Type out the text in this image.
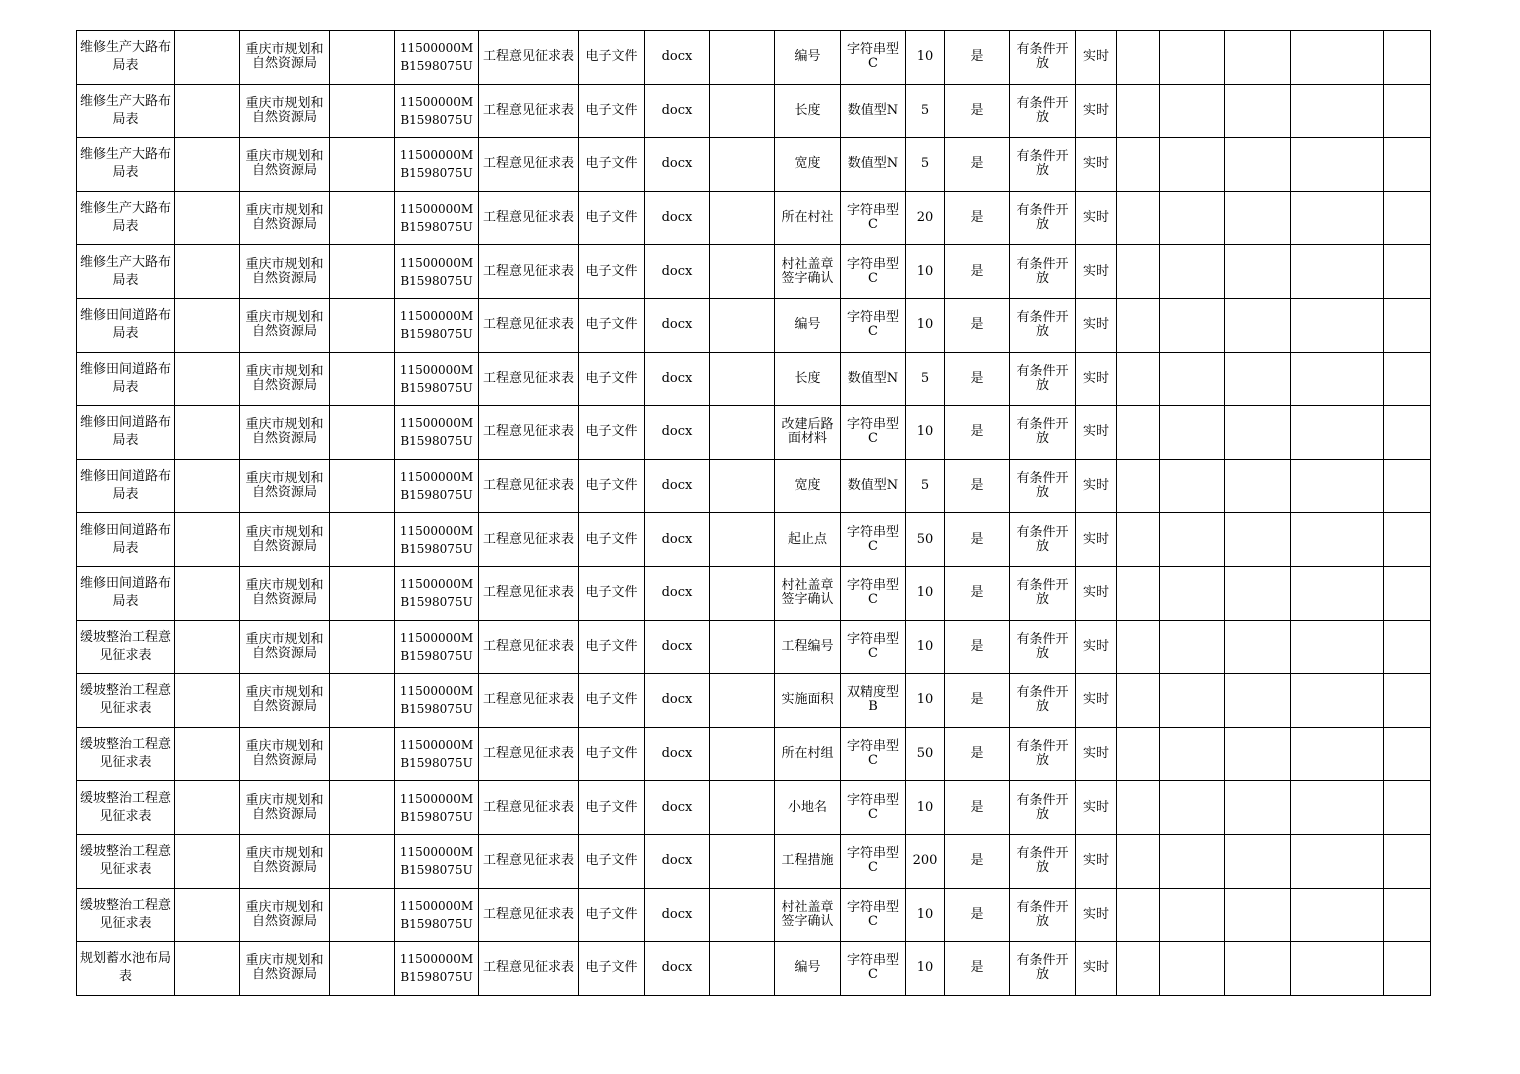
维修生产大路布局表		重庆市规划和自然资源局		11500000MB1598075U	工程意见征求表	电子文件	docx		编号	字符串型C	10	是	有条件开放	实时					
维修生产大路布局表		重庆市规划和自然资源局		11500000MB1598075U	工程意见征求表	电子文件	docx		长度	数值型N	5	是	有条件开放	实时					
维修生产大路布局表		重庆市规划和自然资源局		11500000MB1598075U	工程意见征求表	电子文件	docx		宽度	数值型N	5	是	有条件开放	实时					
维修生产大路布局表		重庆市规划和自然资源局		11500000MB1598075U	工程意见征求表	电子文件	docx		所在村社	字符串型C	20	是	有条件开放	实时					
维修生产大路布局表		重庆市规划和自然资源局		11500000MB1598075U	工程意见征求表	电子文件	docx		村社盖章签字确认	字符串型C	10	是	有条件开放	实时					
维修田间道路布局表		重庆市规划和自然资源局		11500000MB1598075U	工程意见征求表	电子文件	docx		编号	字符串型C	10	是	有条件开放	实时					
维修田间道路布局表		重庆市规划和自然资源局		11500000MB1598075U	工程意见征求表	电子文件	docx		长度	数值型N	5	是	有条件开放	实时					
维修田间道路布局表		重庆市规划和自然资源局		11500000MB1598075U	工程意见征求表	电子文件	docx		改建后路面材料	字符串型C	10	是	有条件开放	实时					
维修田间道路布局表		重庆市规划和自然资源局		11500000MB1598075U	工程意见征求表	电子文件	docx		宽度	数值型N	5	是	有条件开放	实时					
维修田间道路布局表		重庆市规划和自然资源局		11500000MB1598075U	工程意见征求表	电子文件	docx		起止点	字符串型C	50	是	有条件开放	实时					
维修田间道路布局表		重庆市规划和自然资源局		11500000MB1598075U	工程意见征求表	电子文件	docx		村社盖章签字确认	字符串型C	10	是	有条件开放	实时					
缓坡整治工程意见征求表		重庆市规划和自然资源局		11500000MB1598075U	工程意见征求表	电子文件	docx		工程编号	字符串型C	10	是	有条件开放	实时					
缓坡整治工程意见征求表		重庆市规划和自然资源局		11500000MB1598075U	工程意见征求表	电子文件	docx		实施面积	双精度型B	10	是	有条件开放	实时					
缓坡整治工程意见征求表		重庆市规划和自然资源局		11500000MB1598075U	工程意见征求表	电子文件	docx		所在村组	字符串型C	50	是	有条件开放	实时					
缓坡整治工程意见征求表		重庆市规划和自然资源局		11500000MB1598075U	工程意见征求表	电子文件	docx		小地名	字符串型C	10	是	有条件开放	实时					
缓坡整治工程意见征求表		重庆市规划和自然资源局		11500000MB1598075U	工程意见征求表	电子文件	docx		工程措施	字符串型C	200	是	有条件开放	实时					
缓坡整治工程意见征求表		重庆市规划和自然资源局		11500000MB1598075U	工程意见征求表	电子文件	docx		村社盖章签字确认	字符串型C	10	是	有条件开放	实时					
规划蓄水池布局表		重庆市规划和自然资源局		11500000MB1598075U	工程意见征求表	电子文件	docx		编号	字符串型C	10	是	有条件开放	实时					
